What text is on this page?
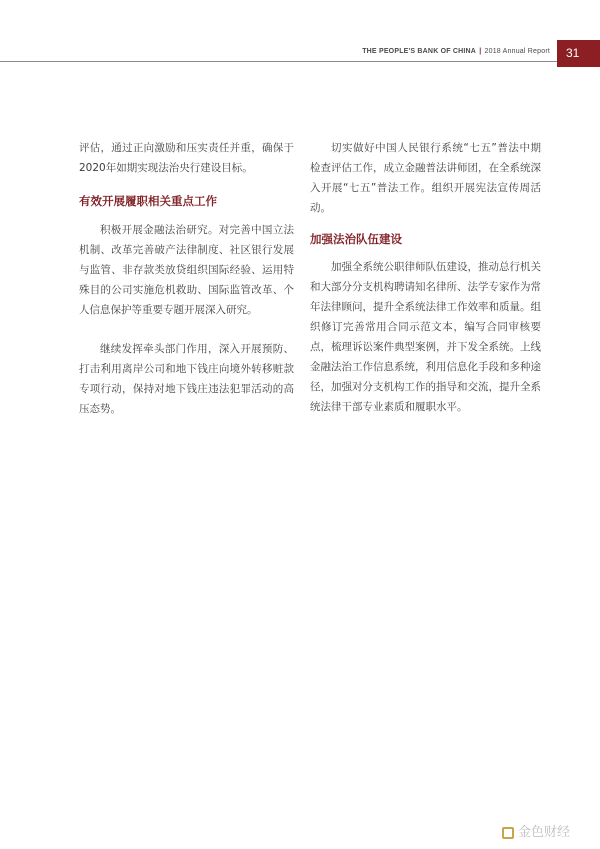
THE PEOPLE'S BANK OF CHINA | 2018 Annual Report	31

评估，通过正向激励和压实责任并重，确保于2020年如期实现法治央行建设目标。

有效开展履职相关重点工作

积极开展金融法治研究。对完善中国立法机制、改革完善破产法律制度、社区银行发展与监管、非存款类放贷组织国际经验、运用特殊目的公司实施危机救助、国际监管改革、个人信息保护等重要专题开展深入研究。

继续发挥牵头部门作用，深入开展预防、打击利用离岸公司和地下钱庄向境外转移赃款专项行动，保持对地下钱庄违法犯罪活动的高压态势。

切实做好中国人民银行系统“七五”普法中期检查评估工作，成立金融普法讲师团，在全系统深入开展“七五”普法工作。组织开展宪法宣传周活动。

加强法治队伍建设

加强全系统公职律师队伍建设，推动总行机关和大部分分支机构聘请知名律所、法学专家作为常年法律顾问，提升全系统法律工作效率和质量。组织修订完善常用合同示范文本，编写合同审核要点，梳理诉讼案件典型案例，并下发全系统。上线金融法治工作信息系统，利用信息化手段和多种途径，加强对分支机构工作的指导和交流，提升全系统法律干部专业素质和履职水平。

金色财经
